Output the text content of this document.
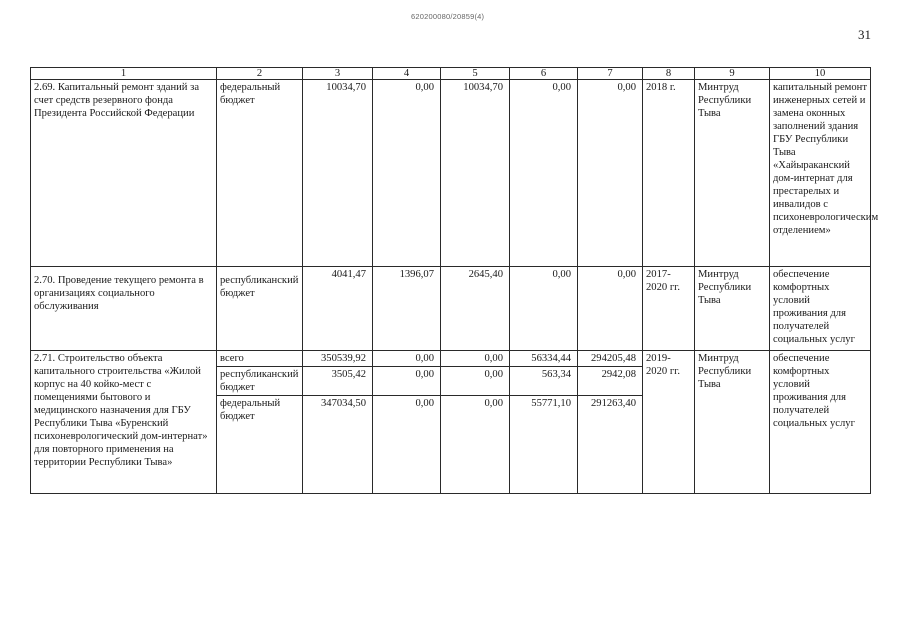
620200080/20859(4)
31
1	2	3	4	5	6	7	8	9	10
2.69. Капитальный ремонт зданий за счет средств резервного фонда Президента Российской Федерации	федеральный бюджет	10034,70	0,00	10034,70	0,00	0,00	2018 г.	Минтруд Республики Тыва	капитальный ремонт инженерных сетей и замена оконных заполнений здания ГБУ Республики Тыва «Хайыраканский дом-интернат для престарелых и инвалидов с психоневрологическим отделением»
2.70. Проведение текущего ремонта в организациях социального обслуживания	республиканский бюджет	4041,47	1396,07	2645,40	0,00	0,00	2017-2020 гг.	Минтруд Республики Тыва	обеспечение комфортных условий проживания для получателей социальных услуг
2.71. Строительство объекта капитального строительства «Жилой корпус на 40 койко-мест с помещениями бытового и медицинского назначения для ГБУ Республики Тыва «Буренский психоневрологический дом-интернат» для повторного применения на территории Республики Тыва»	всего	350539,92	0,00	0,00	56334,44	294205,48	2019-2020 гг.	Минтруд Республики Тыва	обеспечение комфортных условий проживания для получателей социальных услуг
	республиканский бюджет	3505,42	0,00	0,00	563,34	2942,08			
	федеральный бюджет	347034,50	0,00	0,00	55771,10	291263,40			
